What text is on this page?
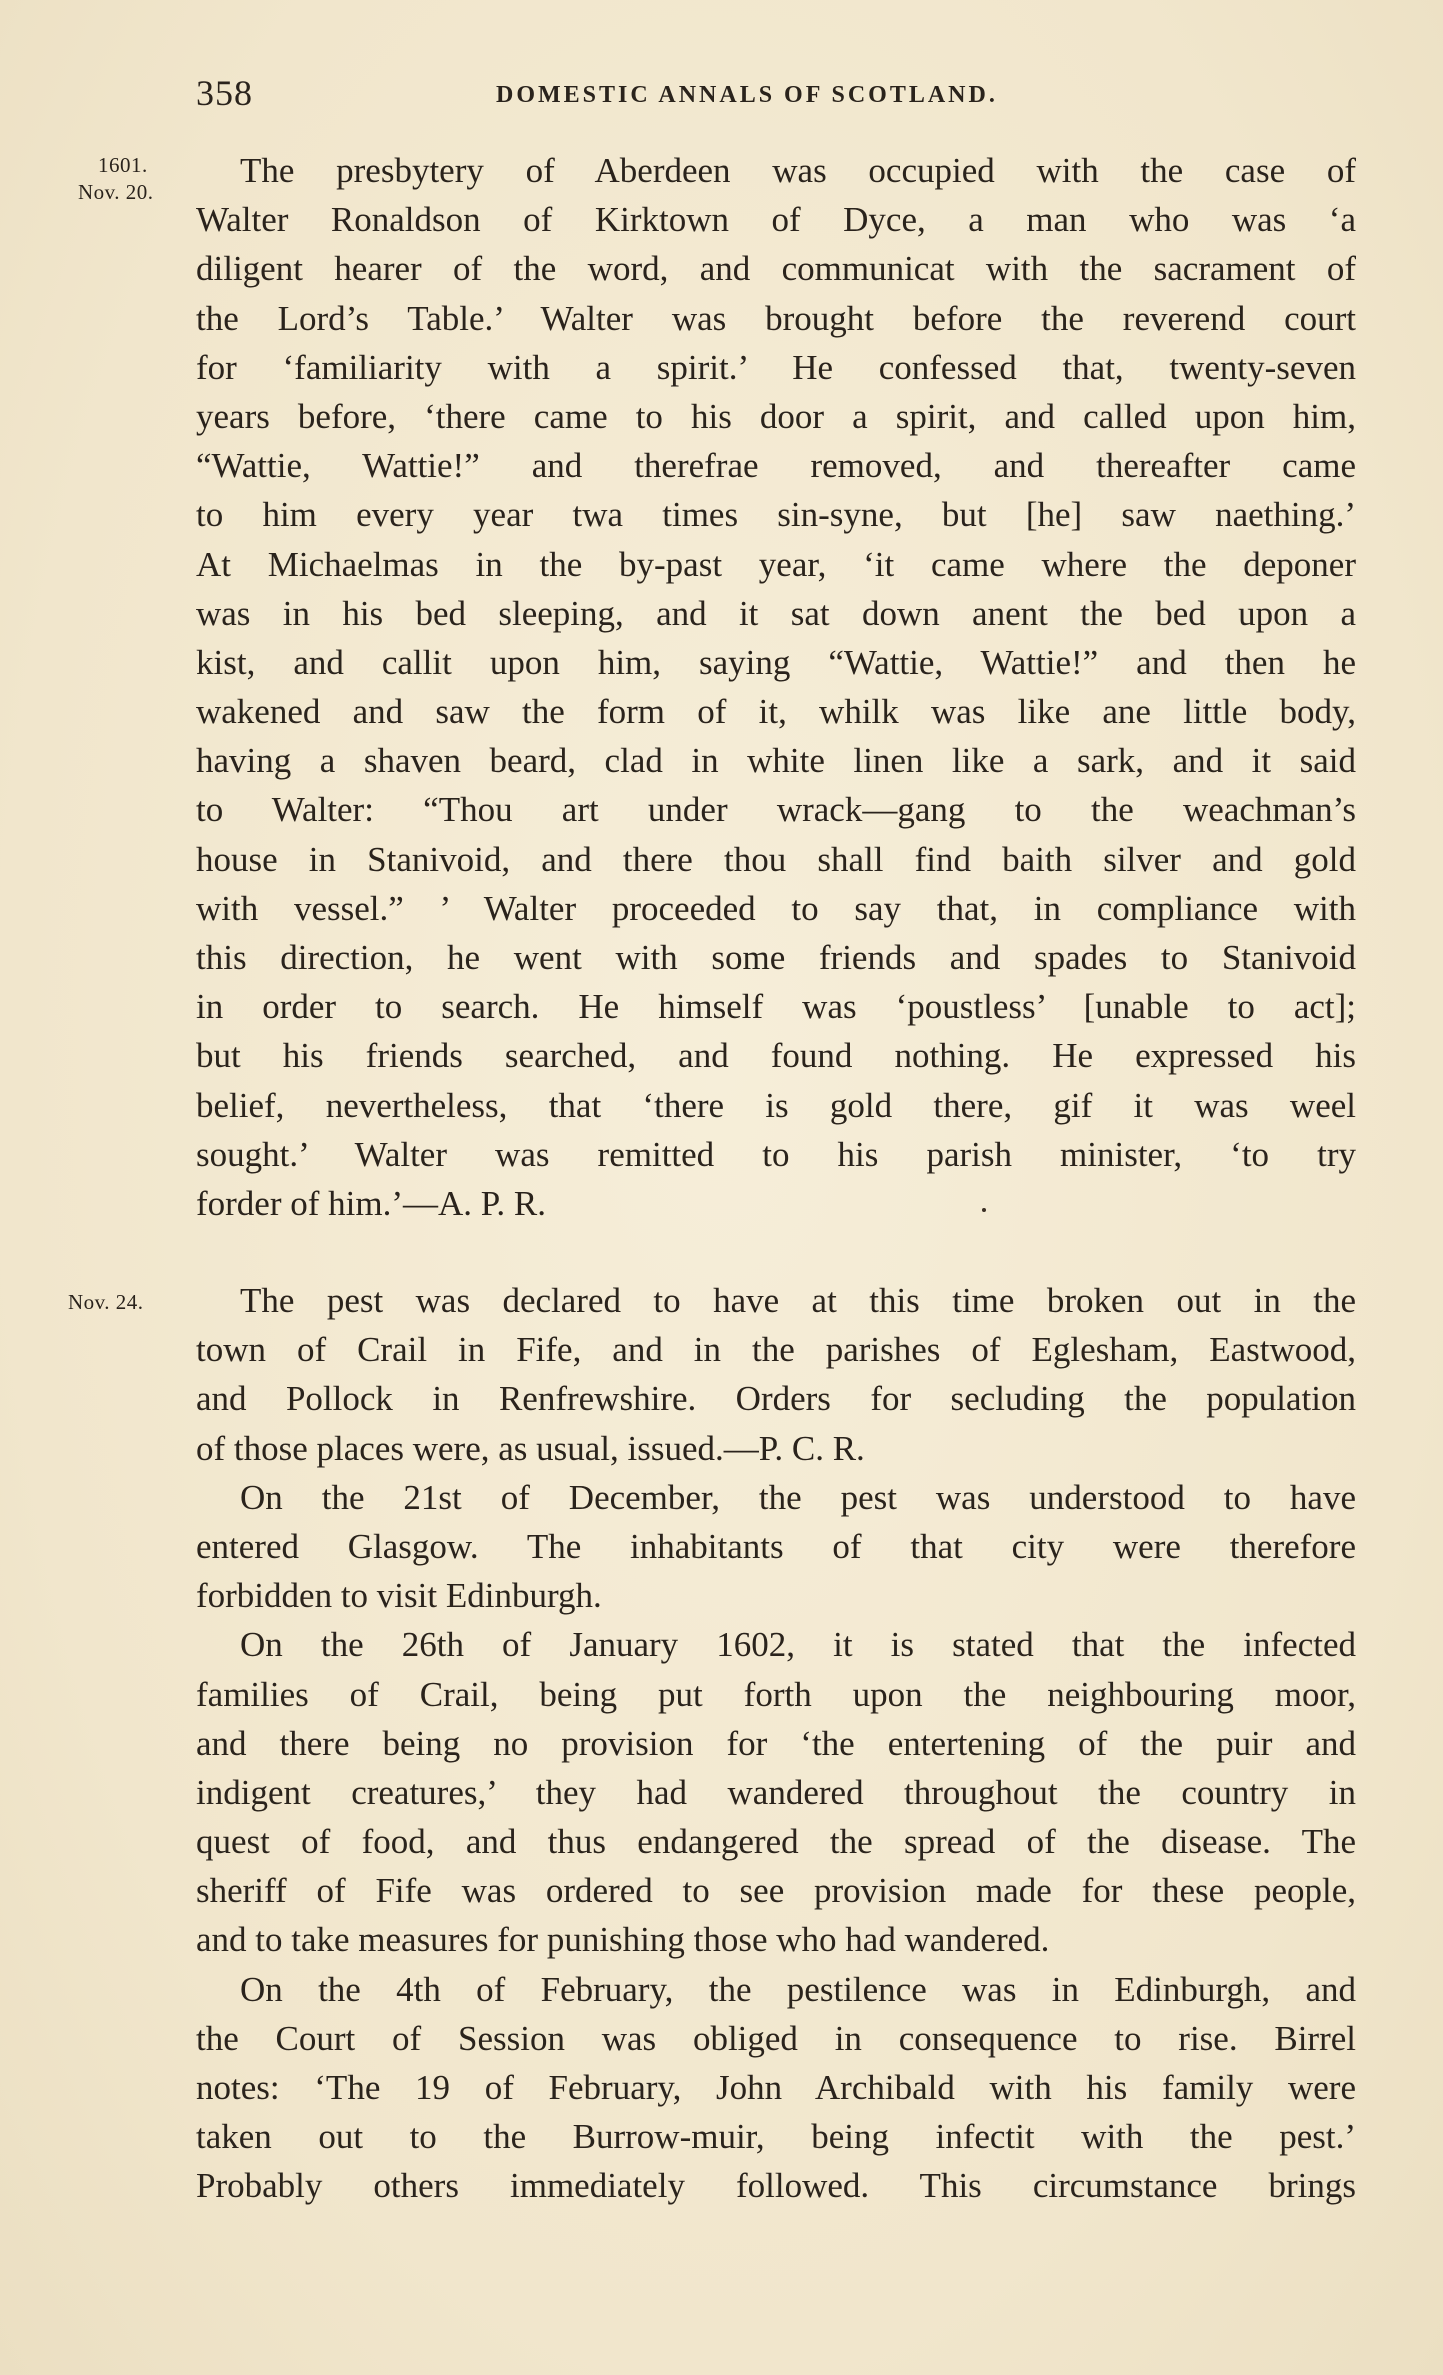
358	DOMESTIC ANNALS OF SCOTLAND.
1601.
Nov. 20.
Nov. 24.
The presbytery of Aberdeen was occupied with the case of
Walter Ronaldson of Kirktown of Dyce, a man who was ‘a
diligent hearer of the word, and communicat with the sacrament of
the Lord’s Table.’ Walter was brought before the reverend court
for ‘familiarity with a spirit.’ He confessed that, twenty-seven
years before, ‘there came to his door a spirit, and called upon him,
“Wattie, Wattie!” and therefrae removed, and thereafter came
to him every year twa times sin-syne, but [he] saw naething.’
At Michaelmas in the by-past year, ‘it came where the deponer
was in his bed sleeping, and it sat down anent the bed upon a
kist, and callit upon him, saying “Wattie, Wattie!” and then he
wakened and saw the form of it, whilk was like ane little body,
having a shaven beard, clad in white linen like a sark, and it said
to Walter: “Thou art under wrack—gang to the weachman’s
house in Stanivoid, and there thou shall find baith silver and gold
with vessel.” ’ Walter proceeded to say that, in compliance with
this direction, he went with some friends and spades to Stanivoid
in order to search. He himself was ‘poustless’ [unable to act];
but his friends searched, and found nothing. He expressed his
belief, nevertheless, that ‘there is gold there, gif it was weel
sought.’ Walter was remitted to his parish minister, ‘to try
forder of him.’—A. P. R.
The pest was declared to have at this time broken out in the
town of Crail in Fife, and in the parishes of Eglesham, Eastwood,
and Pollock in Renfrewshire. Orders for secluding the population
of those places were, as usual, issued.—P. C. R.
On the 21st of December, the pest was understood to have
entered Glasgow. The inhabitants of that city were therefore
forbidden to visit Edinburgh.
On the 26th of January 1602, it is stated that the infected
families of Crail, being put forth upon the neighbouring moor,
and there being no provision for ‘the entertening of the puir and
indigent creatures,’ they had wandered throughout the country in
quest of food, and thus endangered the spread of the disease. The
sheriff of Fife was ordered to see provision made for these people,
and to take measures for punishing those who had wandered.
On the 4th of February, the pestilence was in Edinburgh, and
the Court of Session was obliged in consequence to rise. Birrel
notes: ‘The 19 of February, John Archibald with his family were
taken out to the Burrow-muir, being infectit with the pest.’
Probably others immediately followed. This circumstance brings
